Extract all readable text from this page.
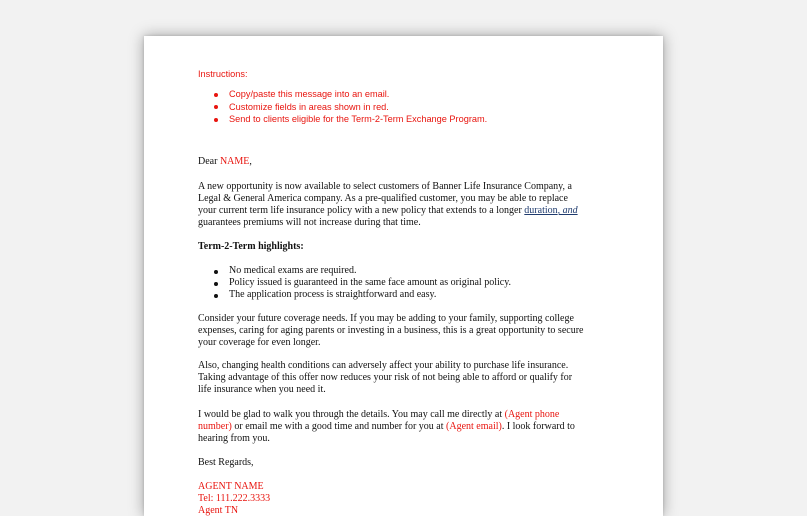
Instructions:
Copy/paste this message into an email.
Customize fields in areas shown in red.
Send to clients eligible for the Term-2-Term Exchange Program.
Dear NAME,
A new opportunity is now available to select customers of Banner Life Insurance Company, a
Legal & General America company. As a pre-qualified customer, you may be able to replace
your current term life insurance policy with a new policy that extends to a longer duration, and
guarantees premiums will not increase during that time.
Term-2-Term highlights:
No medical exams are required.
Policy issued is guaranteed in the same face amount as original policy.
The application process is straightforward and easy.
Consider your future coverage needs. If you may be adding to your family, supporting college
expenses, caring for aging parents or investing in a business, this is a great opportunity to secure
your coverage for even longer.
Also, changing health conditions can adversely affect your ability to purchase life insurance.
Taking advantage of this offer now reduces your risk of not being able to afford or qualify for
life insurance when you need it.
I would be glad to walk you through the details. You may call me directly at (Agent phone
number) or email me with a good time and number for you at (Agent email). I look forward to
hearing from you.
Best Regards,
AGENT NAME
Tel: 111.222.3333
Agent TN
